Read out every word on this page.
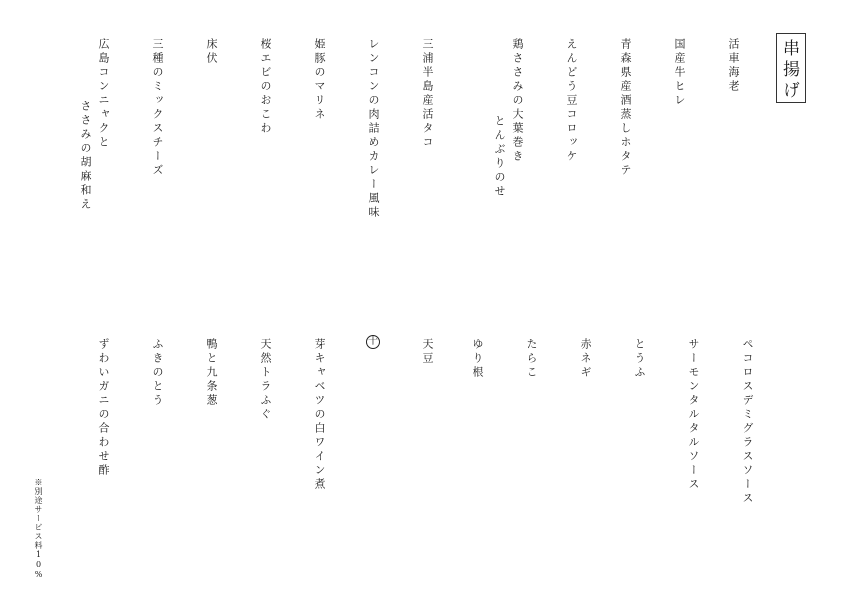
串揚げ
活車海老
国産牛ヒレ
青森県産酒蒸しホタテ
えんどう豆コロッケ
鶏ささみの大葉巻き
とんぶりのせ
三浦半島産活タコ
レンコンの肉詰めカレー風味
姫豚のマリネ
桜エビのおこわ
床伏
三種のミックスチーズ
広島コンニャクと
ささみの胡麻和え
ペコロスデミグラスソース
サーモンタルタルソース
とうふ
赤ネギ
たらこ
ゆり根
天豆
十
芽キャベツの白ワイン煮
天然トラふぐ
鴨と九条葱
ふきのとう
ずわいガニの合わせ酢
※別途サービス料10%
